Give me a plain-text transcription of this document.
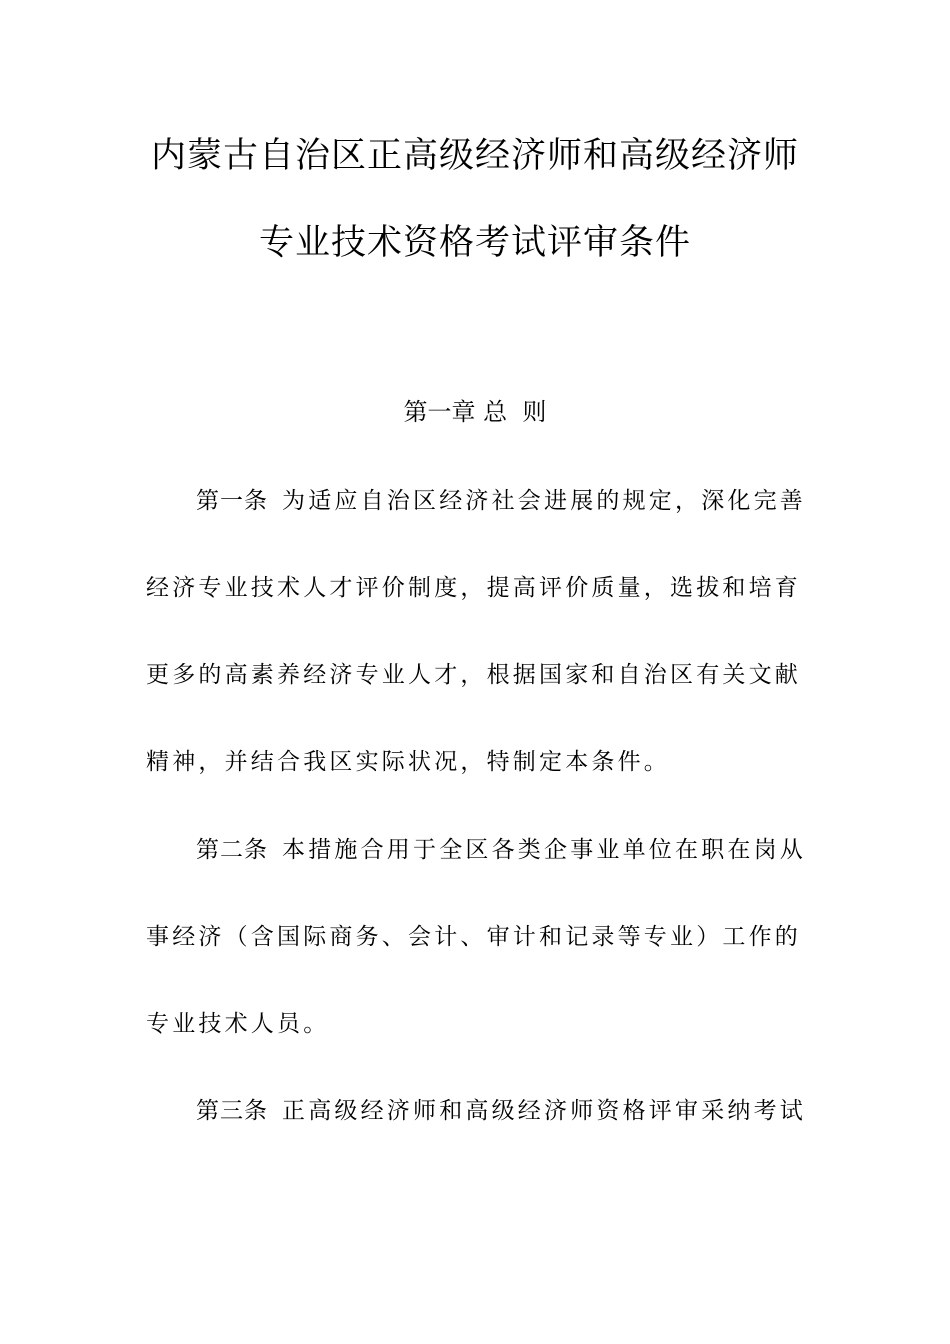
内蒙古自治区正高级经济师和高级经济师
专业技术资格考试评审条件
第一章 总  则
第一条 为适应自治区经济社会进展的规定，深化完善
经济专业技术人才评价制度，提高评价质量，选拔和培育
更多的高素养经济专业人才，根据国家和自治区有关文献
精神，并结合我区实际状况，特制定本条件。
第二条 本措施合用于全区各类企事业单位在职在岗从
事经济（含国际商务、会计、审计和记录等专业）工作的
专业技术人员。
第三条 正高级经济师和高级经济师资格评审采纳考试
